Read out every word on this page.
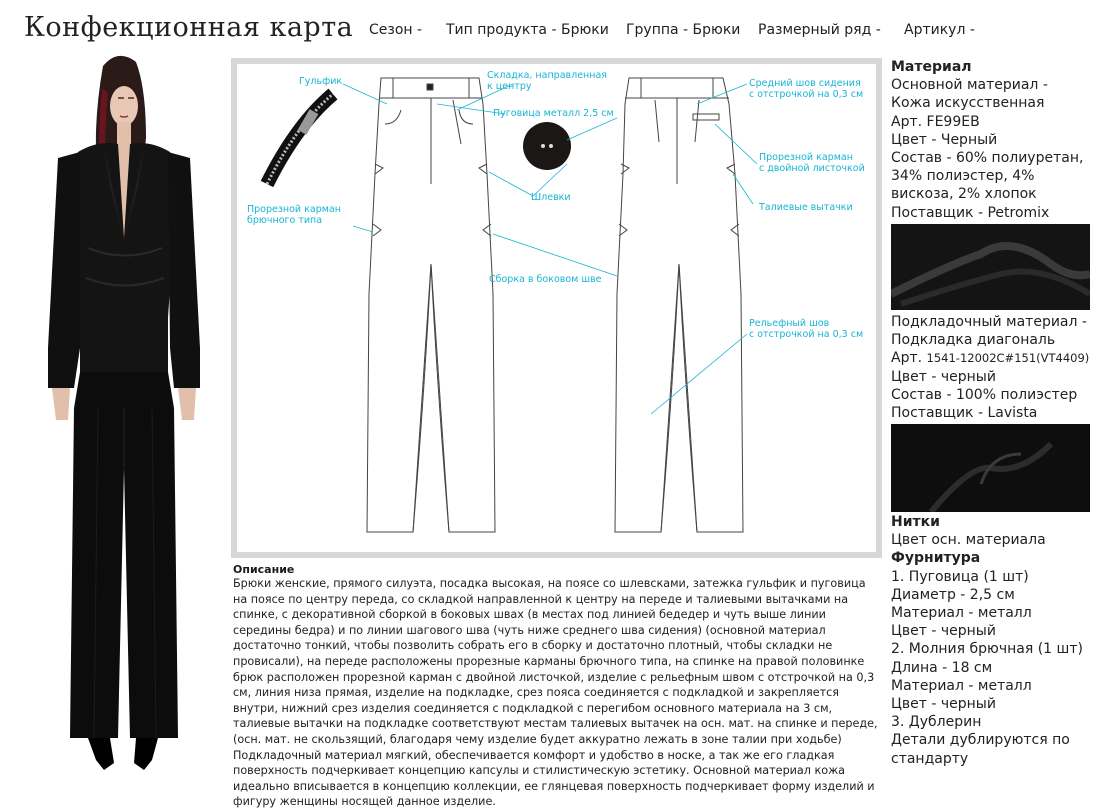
Конфекционная карта Сезон - Тип продукта - Брюки Группа - Брюки Размерный ряд - Артикул -
Гульфик
Складка, направленная
к центру
Пуговица металл 2,5 см
Средний шов сидения
с отстрочкой на 0,3 см
Прорезной карман
с двойной листочкой
Шлевки
Талиевые вытачки
Прорезной карман
брючного типа
Сборка в боковом шве
Рельефный шов
с отстрочкой на 0,3 см
Описание
Брюки женские, прямого силуэта, посадка высокая, на поясе со шлевсками, затежка гульфик и пуговица на поясе по центру переда, со складкой направленной к центру на переде и талиевыми вытачками на спинке, с декоративной сборкой в боковых швах (в местах под линией бедедер и чуть выше линии середины бедра) и по линии шагового шва (чуть ниже среднего шва сидения) (основной материал достаточно тонкий, чтобы позволить собрать его в сборку и достаточно плотный, чтобы складки не провисали), на переде расположены прорезные карманы брючного типа, на спинке на правой половинке брюк расположен прорезной карман с двойной листочкой, изделие с рельефным швом с отстрочкой на 0,3 см, линия низа прямая, изделие на подкладке, срез пояса соединяется с подкладкой и закрепляется внутри, нижний срез изделия соединяется с подкладкой с перегибом основного материала на 3 см, талиевые вытачки на подкладке соответствуют местам талиевых вытачек на осн. мат. на спинке и переде, (осн. мат. не скользящий, благодаря чему изделие будет аккуратно лежать в зоне талии при ходьбе) Подкладочный материал мягкий, обеспечивается комфорт и удобство в носке, а так же его гладкая поверхность подчеркивает концепцию капсулы и стилистическую эстетику. Основной материал кожа идеально вписывается в концепцию коллекции, ее глянцевая поверхность подчеркивает форму изделий и фигуру женщины носящей данное изделие.
Материал
Основной материал -
Кожа искусственная
Арт. FE99EB
Цвет - Черный
Состав - 60% полиуретан,
34% полиэстер, 4%
вискоза, 2% хлопок
Поставщик - Petromix
Подкладочный материал -
Подкладка диагональ
Арт. 1541-12002C#151(VT4409)
Цвет - черный
Состав - 100% полиэстер
Поставщик - Lavista
Нитки
Цвет осн. материала
Фурнитура
1. Пуговица (1 шт)
Диаметр - 2,5 см
Материал - металл
Цвет - черный
2. Молния брючная (1 шт)
Длина - 18 см
Материал - металл
Цвет - черный
3. Дублерин
Детали дублируются по
стандарту
